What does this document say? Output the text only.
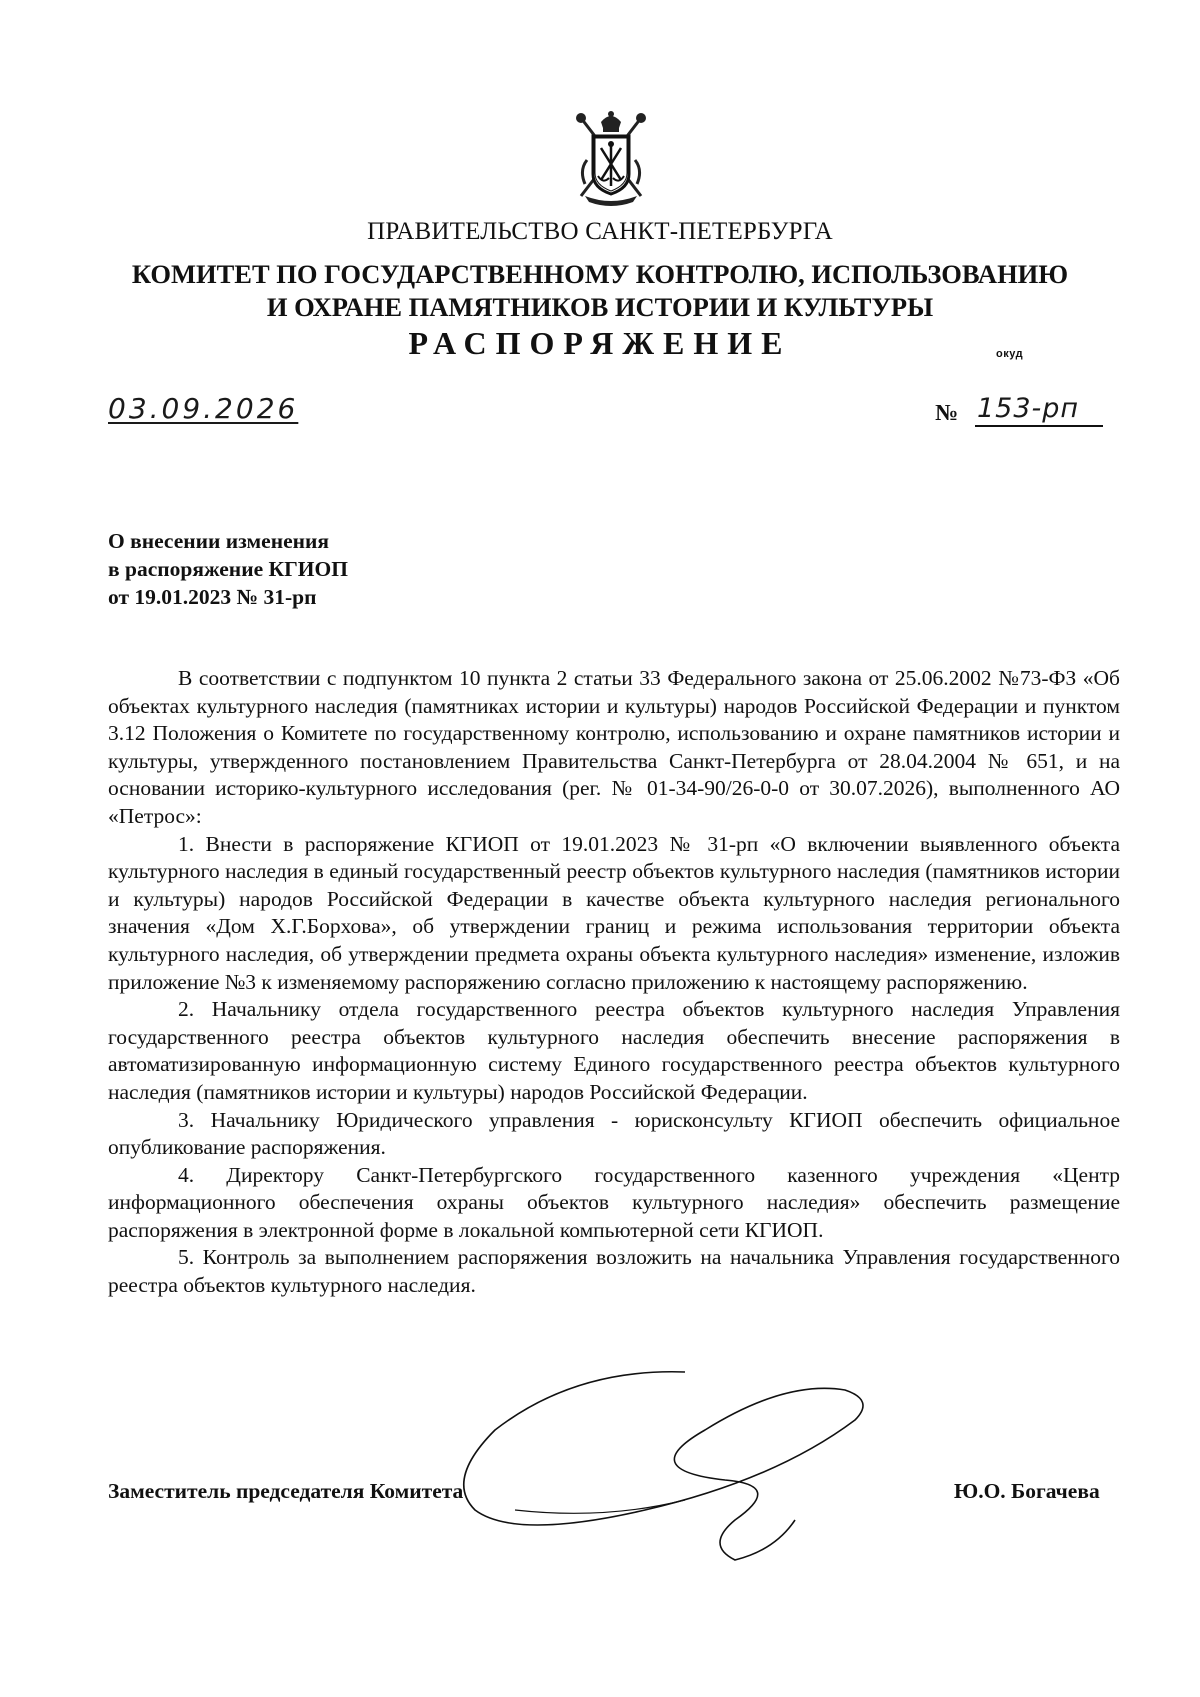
ПРАВИТЕЛЬСТВО САНКТ-ПЕТЕРБУРГА
КОМИТЕТ ПО ГОСУДАРСТВЕННОМУ КОНТРОЛЮ, ИСПОЛЬЗОВАНИЮ
И ОХРАНЕ ПАМЯТНИКОВ ИСТОРИИ И КУЛЬТУРЫ
РАСПОРЯЖЕНИЕ	окуд
03.09.2026	№ 153-рп
О внесении изменения
в распоряжение КГИОП
от 19.01.2023 № 31-рп

В соответствии с подпунктом 10 пункта 2 статьи 33 Федерального закона от 25.06.2002 №73-ФЗ «Об объектах культурного наследия (памятниках истории и культуры) народов Российской Федерации и пунктом 3.12 Положения о Комитете по государственному контролю, использованию и охране памятников истории и культуры, утвержденного постановлением Правительства Санкт-Петербурга от 28.04.2004 № 651, и на основании историко-культурного исследования (рег. № 01-34-90/26-0-0 от 30.07.2026), выполненного АО «Петрос»:

1. Внести в распоряжение КГИОП от 19.01.2023 № 31-рп «О включении выявленного объекта культурного наследия в единый государственный реестр объектов культурного наследия (памятников истории и культуры) народов Российской Федерации в качестве объекта культурного наследия регионального значения «Дом Х.Г.Борхова», об утверждении границ и режима использования территории объекта культурного наследия, об утверждении предмета охраны объекта культурного наследия» изменение, изложив приложение №3 к изменяемому распоряжению согласно приложению к настоящему распоряжению.

2. Начальнику отдела государственного реестра объектов культурного наследия Управления государственного реестра объектов культурного наследия обеспечить внесение распоряжения в автоматизированную информационную систему Единого государственного реестра объектов культурного наследия (памятников истории и культуры) народов Российской Федерации.

3. Начальнику Юридического управления - юрисконсульту КГИОП обеспечить официальное опубликование распоряжения.

4. Директору Санкт-Петербургского государственного казенного учреждения «Центр информационного обеспечения охраны объектов культурного наследия» обеспечить размещение распоряжения в электронной форме в локальной компьютерной сети КГИОП.

5. Контроль за выполнением распоряжения возложить на начальника Управления государственного реестра объектов культурного наследия.

Заместитель председателя Комитета	Ю.О. Богачева
